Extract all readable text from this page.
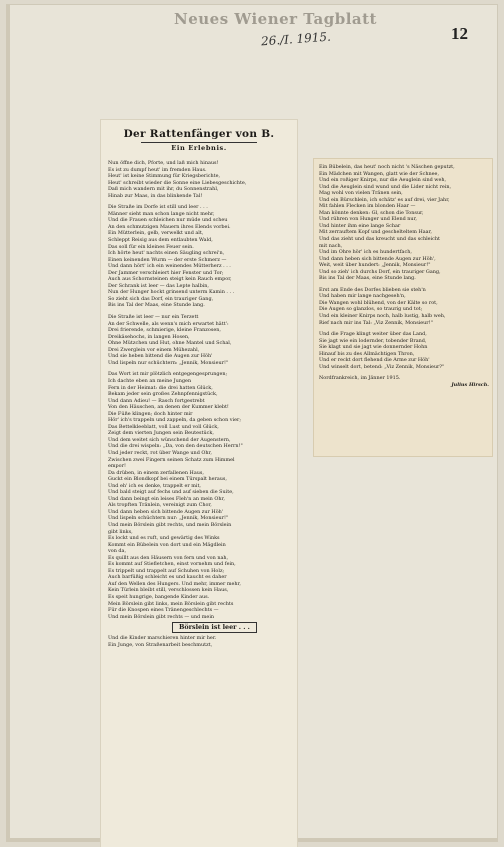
Neues Wiener Tagblatt
26./I. 1915.	12
Der Rattenfänger von B.
Ein Erlebnis.

Nun öffne dich, Pforte, und laß mich hinaus!

Es ist zu dumpf heut' im fremden Haus.

Heut' ist keine Stimmung für Kriegsberichte,

Heut' schreibt wieder die Sonne eine Liebesgeschichte,

Daß mich wandern mit ihr, du Sonnenstrahl,

Hinab zur Maas, in das blinkende Tal!

Die Straße im Dorfe ist still und leer . . .

Männer sieht man schon lange nicht mehr,

Und die Frauen schleichen nur müde und scheu

An den schmutzigen Mauern ihres Elends vorbei.

Ein Mütterlein, gelb, verwelkt und alt,

Schleppt Reisig aus dem entlaubten Wald,

Das soll für ein kleines Feuer sein.

Ich hörte heut' nachts einen Säugling schrei'n,

Einen keinenden Wurm — der erste Schmerz —

Und dann hört' ich ein weinendes Mütterherz . . .

Der Jammer verschleiert hier Fenster und Tor;

Auch aus Schornsteinen steigt kein Rauch empor,

Der Schrank ist leer — das Lepte halbin,

Nun der Hunger hockt grinsend unterm Kamin . . .

So zieht sich das Dorf, ein trauriger Gang,

Bis ins Tal der Maas, eine Stunde lang.

Die Straße ist leer — nur ein Terzett

An der Schwelle, als wenn's mich erwartet hätt':

Drei frierende, schmierige, kleine Franzosen,

Dreikäsehochs, in langen Hosen,

Ohne Mützchen und Hut, ohne Mantel und Schal,

Drei Zwerglein vor einem Mühezahl,

Und sie heben bittend die Augen zur Höh'

Und lispeln nur schüchtern: „Jennik, Monsieur!"

Das Wort ist mir plötzlich entgegengesprungen;

Ich dachte eben an meine Jungen

Fern in der Heimat: die drei hatten Glück,

Bekam jeder sein großes Zehnpfennigstück,

Und dann Adieu! — Rasch fortgestrebt

Von den Häuschen, an denen der Kummer klebt!

Die Füße klingen; doch hinter mir

Hör' ich's trappeln und zappeln, da geben schon vier;

Das Bettelkleeblatt, voll Lust und voll Glück,

Zeigt dem vierten Jungen sein Beutestück,

Und dem weitet sich wünschend der Augenstern,

Und die drei wispeln: „Da, von den deutschen Herrn!"

Und jeder reckt, rot über Wange und Ohr,

Zwischen zwei Fingern seinen Schatz zum Himmel

empor!

Da drüben, in einem zerfallenen Haus,

Guckt ein Blondkopf bei einem Türspalt heraus,

Und eh' ich es denke, trappelt er mit,

Und bald steigt auf fechs und auf sieben die Suite,

Und dann beingt ein leises Fleh'n an mein Ohr,

Als tropften Tränlein, vereinigt zum Chor,

Und dann heben sich bittende Augen zur Höh'

Und lispeln schüchtern nur: „Jennik, Monsieur!"

Und mein Börslein gibt rechts, und mein Börslein

gibt links,

Es lockt und es ruft, und gewärtig des Winks

Kommt ein Bübelein von dort und ein Mägdlein

von da,

Es quillt aus den Häusern von fern und von nah,

Es kommt auf Stiefletchen, einst vornehm und fein,

Es trippelt und trappelt auf Schuhen von Holz;

Auch barfüßig schleicht es und kaucht es daher

Auf den Wellen des Hungers. Und mehr, immer mehr,

Kein Türlein bleibt still, verschlossen kein Haus,

Es speit hungrige, bangende Kinder aus.

Mein Börslein gibt links, mein Börslein gibt rechts

Für die Knospen eines Tränengeschlechts —

Und mein Börslein gibt rechts — und mein

Börslein ist leer . . .

Und die Kinder marschieren hinter mir her.

Ein Junge, von Straßenarbeit beschmutzt,

Ein Bübelein, das heut' noch nicht 's Näschen geputzt,

Ein Mädchen mit Wangen, glatt wie der Schnee,

Und ein roßiger Knirps, nur die Aeuglein sind weh,

Und die Aeuglein sind wund und die Lider nicht rein,

Mag wohl von vielen Tränen sein,

Und ein Bürschlein, ich schätz' es auf drei, vier Jahr,

Mit fahlen Flecken im blonden Haar —

Man könnte denken: Gl, schon die Tonsur,

Und rühren von Hunger und Elend nur,

Und hinter ihm eine lange Schar

Mit zerrauftem Kopf und geschelteltem Haar,

Und das zieht und das kreucht und das schleicht

mit nach,

Und im Ohre hör' ich es hundertfach,

Und dann heben sich bittende Augen zur Höh',

Weit, weit über hundert: „Jennik, Monsieur!"

Und so zieh' ich durchs Dorf, ein trauriger Gang,

Bis ins Tal der Maas, eine Stunde lang.

Erst am Ende des Dorfes blieben sie steh'n

Und haben mir lange nachgeseh'n,

Die Wangen wohl blühend, von der Kälte so rot,

Die Augen so glanzlos, so traurig und tot;

Und ein kleiner Knirps noch, halb lustig, halb weh,

Rief nach mir ins Tal: „Viz Zennik, Monsieur!"

Und die Frage klingt weiter über das Land,

Sie jagt wie ein lodernder, tobender Brand,

Sie klagt und sie jagt wie donnernder Hohn

Hinauf bis zu des Allmächtigen Thron,

Und er reckt dort flehend die Arme zur Höh'

Und winselt dort, betend: „Viz Zennik, Monsieur?"

Nordfrankreich, im Jänner 1915.

Julius Hirsch.
